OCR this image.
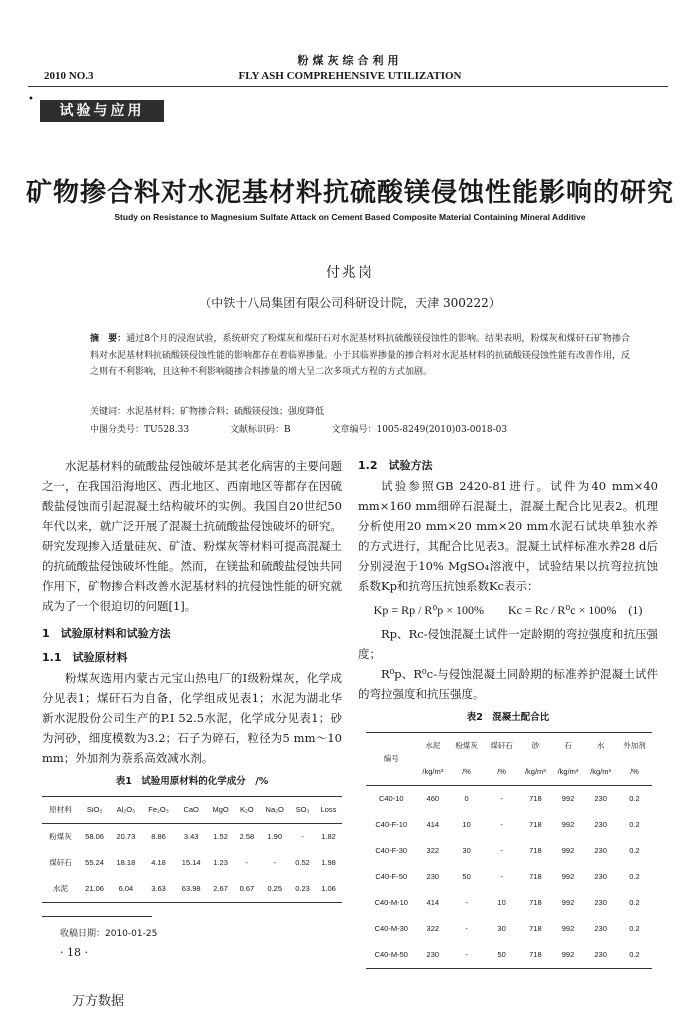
粉煤灰综合利用
2010 NO.3	FLY ASH COMPREHENSIVE UTILIZATION
•
试验与应用
矿物掺合料对水泥基材料抗硫酸镁侵蚀性能影响的研究
Study on Resistance to Magnesium Sulfate Attack on Cement Based Composite Material Containing Mineral Additive
付兆岗
（中铁十八局集团有限公司科研设计院，天津 300222）
摘　要：通过8个月的浸泡试验，系统研究了粉煤灰和煤矸石对水泥基材料抗硫酸镁侵蚀性的影响。结果表明，粉煤灰和煤矸石矿物掺合料对水泥基材料抗硫酸镁侵蚀性能的影响都存在着临界掺量。小于其临界掺量的掺合料对水泥基材料的抗硫酸镁侵蚀性能有改善作用，反之则有不利影响，且这种不利影响随掺合料掺量的增大呈二次多项式方程的方式加剧。
关键词：水泥基材料；矿物掺合料；硫酸镁侵蚀；强度降低
中图分类号：TU528.33	文献标识码：B	文章编号：1005-8249(2010)03-0018-03

水泥基材料的硫酸盐侵蚀破坏是其老化病害的主要问题之一，在我国沿海地区、西北地区、西南地区等都存在因硫酸盐侵蚀而引起混凝土结构破坏的实例。我国自20世纪50年代以来，就广泛开展了混凝土抗硫酸盐侵蚀破坏的研究。研究发现掺入适量硅灰、矿渣、粉煤灰等材料可提高混凝土的抗硫酸盐侵蚀破坏性能。然而，在镁盐和硫酸盐侵蚀共同作用下，矿物掺合料改善水泥基材料的抗侵蚀性能的研究就成为了一个很迫切的问题[1]。

1　试验原材料和试验方法
1.1　试验原材料

粉煤灰选用内蒙古元宝山热电厂的Ⅰ级粉煤灰，化学成分见表1；煤矸石为自备，化学组成见表1；水泥为湖北华新水泥股份公司生产的P.I 52.5水泥，化学成分见表1；砂为河砂，细度模数为3.2；石子为碎石，粒径为5 mm～10 mm；外加剂为萘系高效减水剂。

表1　试验用原材料的化学成分　/%
原材料	SiO₂	Al₂O₃	Fe₂O₃	CaO	MgO	K₂O	Na₂O	SO₃	Loss
粉煤灰	58.06	20.73	8.86	3.43	1.52	2.58	1.90	-	1.82
煤矸石	55.24	18.18	4.18	15.14	1.23	-	-	0.52	1.98
水泥	21.06	6.04	3.63	63.98	2.67	0.67	0.25	0.23	1.06
1.2　试验方法

试验参照GB 2420-81进行。试件为40 mm×40 mm×160 mm细碎石混凝土，混凝土配合比见表2。机理分析使用20 mm×20 mm×20 mm水泥石试块单独水养的方式进行，其配合比见表3。混凝土试样标准水养28 d后分别浸泡于10% MgSO₄溶液中，试验结果以抗弯拉抗蚀系数Kp和抗弯压抗蚀系数Kc表示：

Kp = Rp / R⁰p × 100%　　Kc = Rc / R⁰c × 100%　(1)

Rp、Rc-侵蚀混凝土试件一定龄期的弯拉强度和抗压强度；

R⁰p、R⁰c-与侵蚀混凝土同龄期的标准养护混凝土试件的弯拉强度和抗压强度。

表2　混凝土配合比
编号	水泥	粉煤灰	煤矸石	砂	石	水	外加剂
	/kg/m³	/%	/%	/kg/m³	/kg/m³	/kg/m³	/%
C40-10	460	0	-	718	992	230	0.2
C40-F-10	414	10	-	718	992	230	0.2
C40-F-30	322	30	-	718	992	230	0.2
C40-F-50	230	50	-	718	992	230	0.2
C40-M-10	414	-	10	718	992	230	0.2
C40-M-30	322	-	30	718	992	230	0.2
C40-M-50	230	-	50	718	992	230	0.2
收稿日期：2010-01-25
· 18 ·
万方数据
